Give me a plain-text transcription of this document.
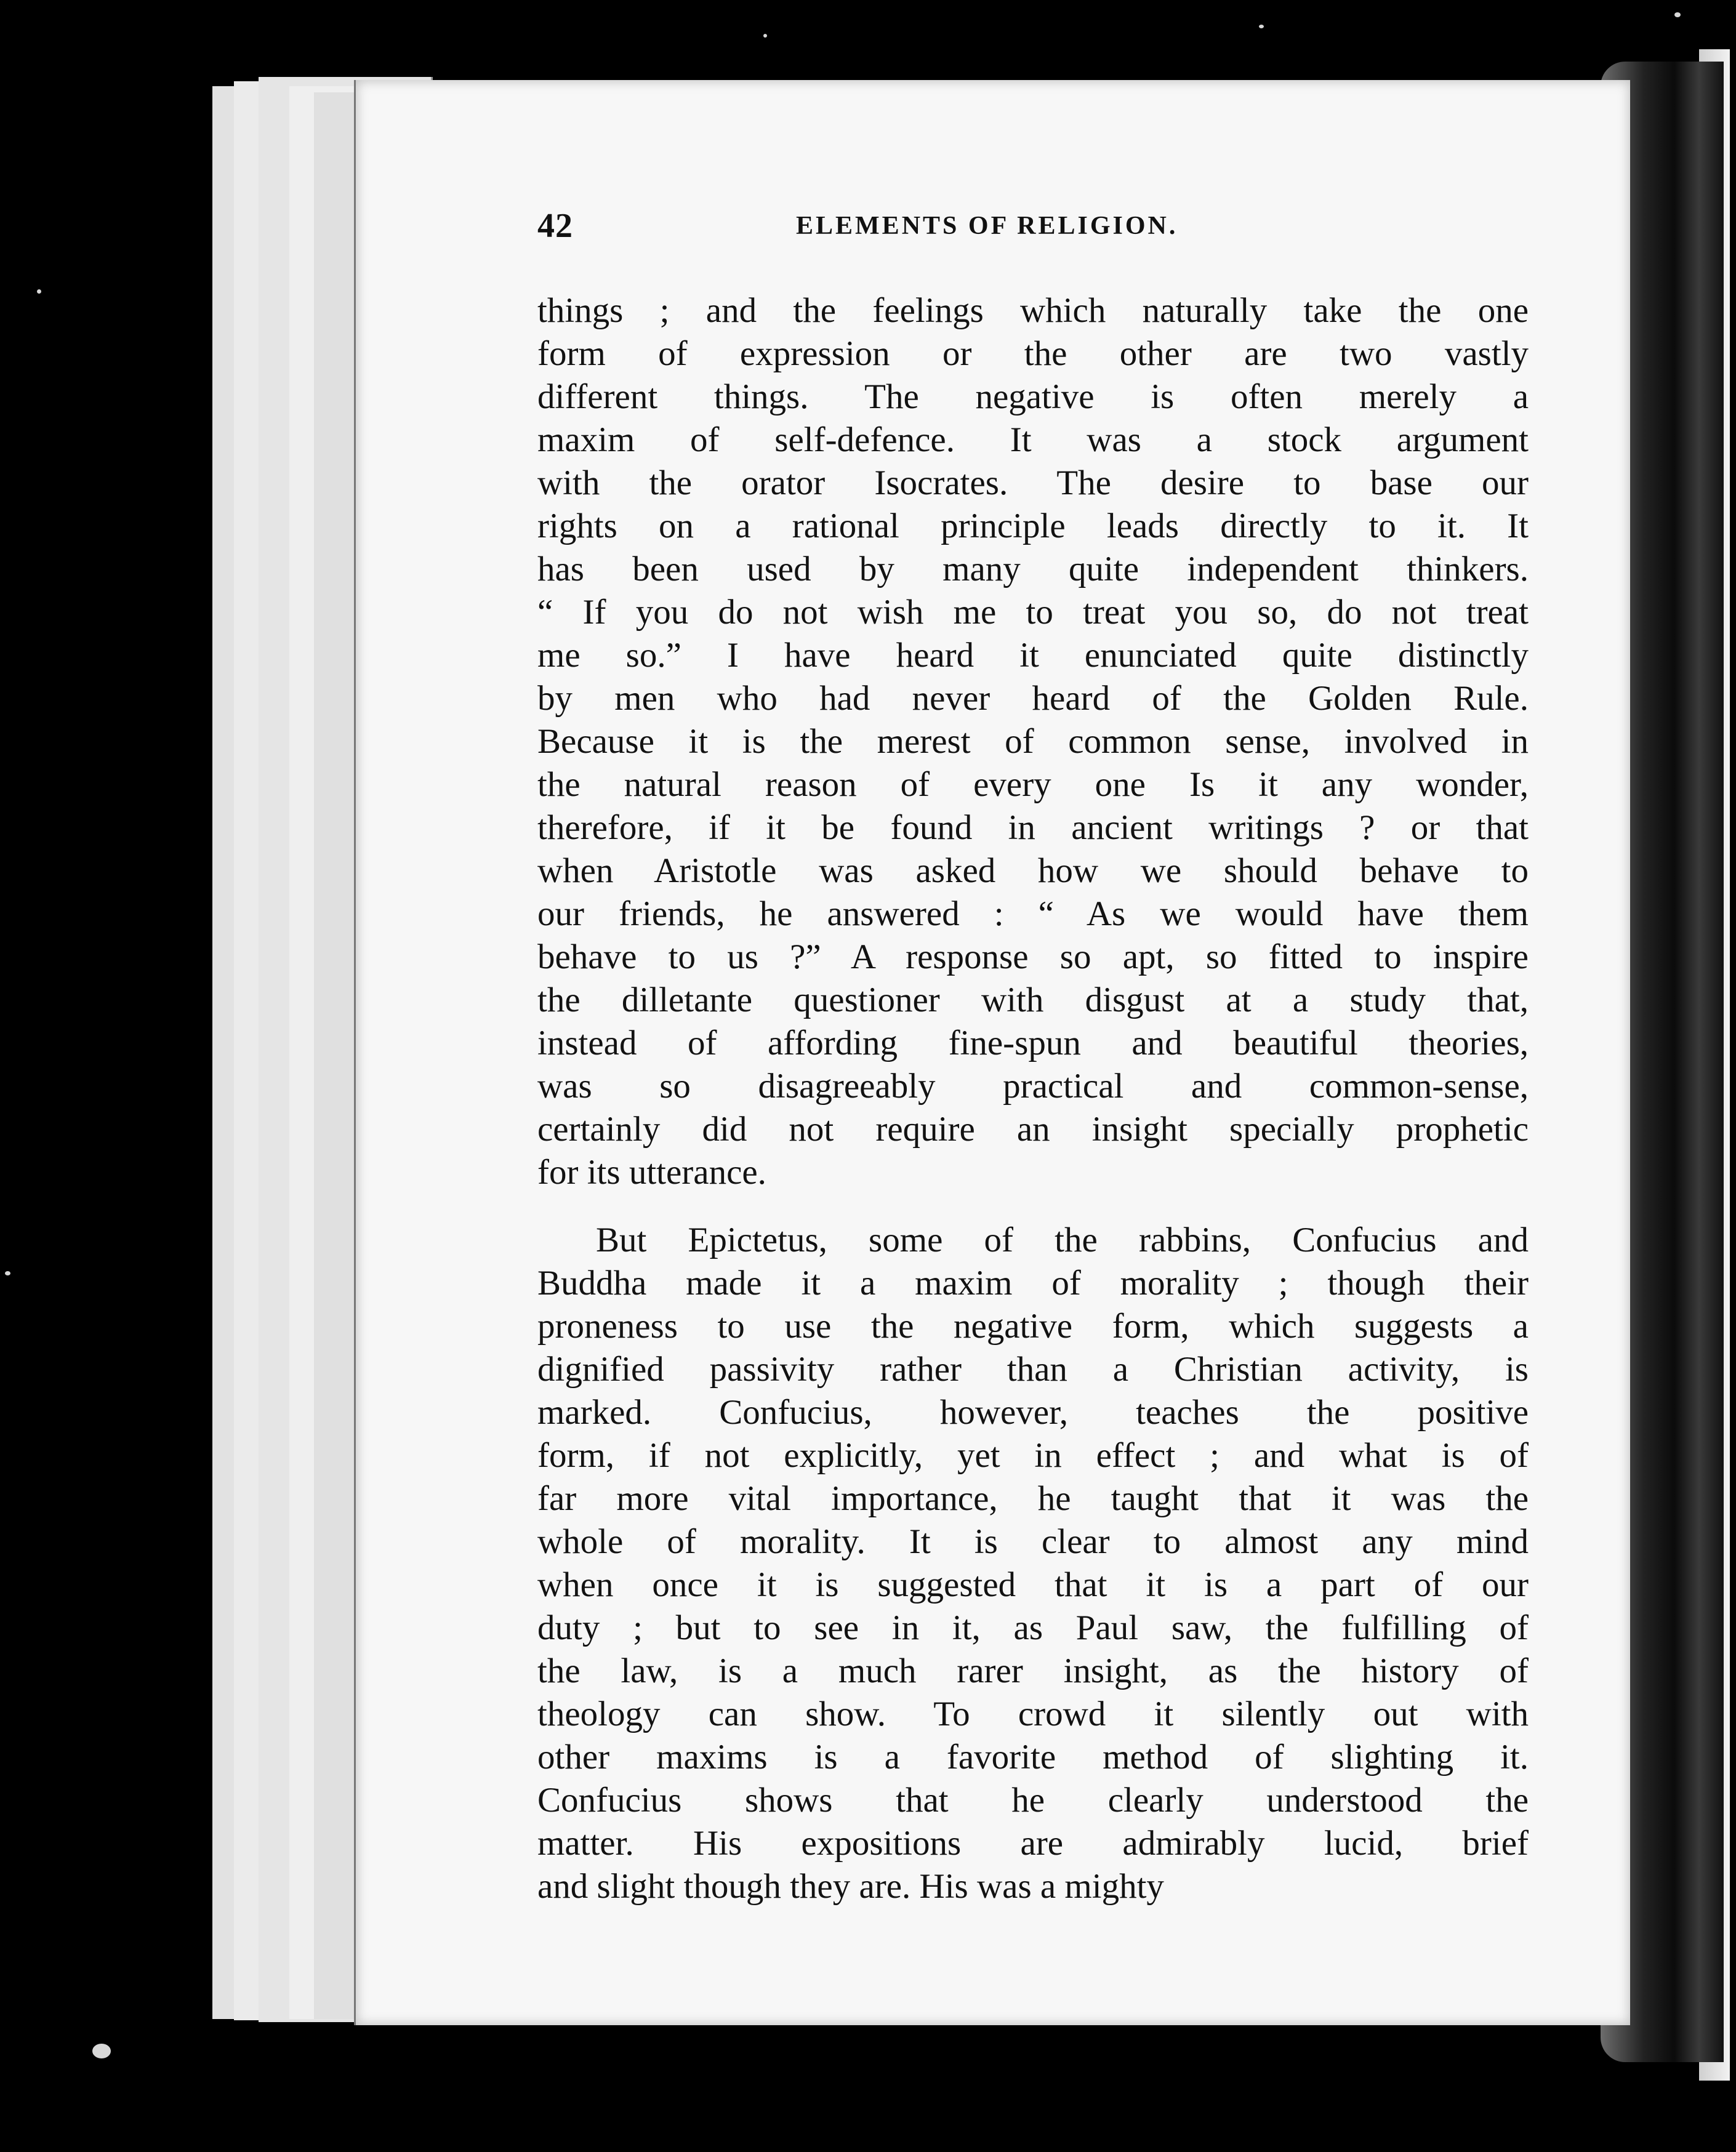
42	ELEMENTS OF RELIGION.
things ; and the feelings which naturally take the one
form of expression or the other are two vastly
different things. The negative is often merely a
maxim of self-defence. It was a stock argument
with the orator Isocrates. The desire to base our
rights on a rational principle leads directly to it. It
has been used by many quite independent thinkers.
“ If you do not wish me to treat you so, do not treat
me so.” I have heard it enunciated quite distinctly
by men who had never heard of the Golden Rule.
Because it is the merest of common sense, involved in
the natural reason of every one Is it any wonder,
therefore, if it be found in ancient writings ? or that
when Aristotle was asked how we should behave to
our friends, he answered : “ As we would have them
behave to us ?” A response so apt, so fitted to inspire
the dilletante questioner with disgust at a study that,
instead of affording fine-spun and beautiful theories,
was so disagreeably practical and common-sense,
certainly did not require an insight specially prophetic
for its utterance.
But Epictetus, some of the rabbins, Confucius and
Buddha made it a maxim of morality ; though their
proneness to use the negative form, which suggests a
dignified passivity rather than a Christian activity, is
marked. Confucius, however, teaches the positive
form, if not explicitly, yet in effect ; and what is of
far more vital importance, he taught that it was the
whole of morality. It is clear to almost any mind
when once it is suggested that it is a part of our
duty ; but to see in it, as Paul saw, the fulfilling of
the law, is a much rarer insight, as the history of
theology can show. To crowd it silently out with
other maxims is a favorite method of slighting it.
Confucius shows that he clearly understood the
matter. His expositions are admirably lucid, brief
and slight though they are. His was a mighty
